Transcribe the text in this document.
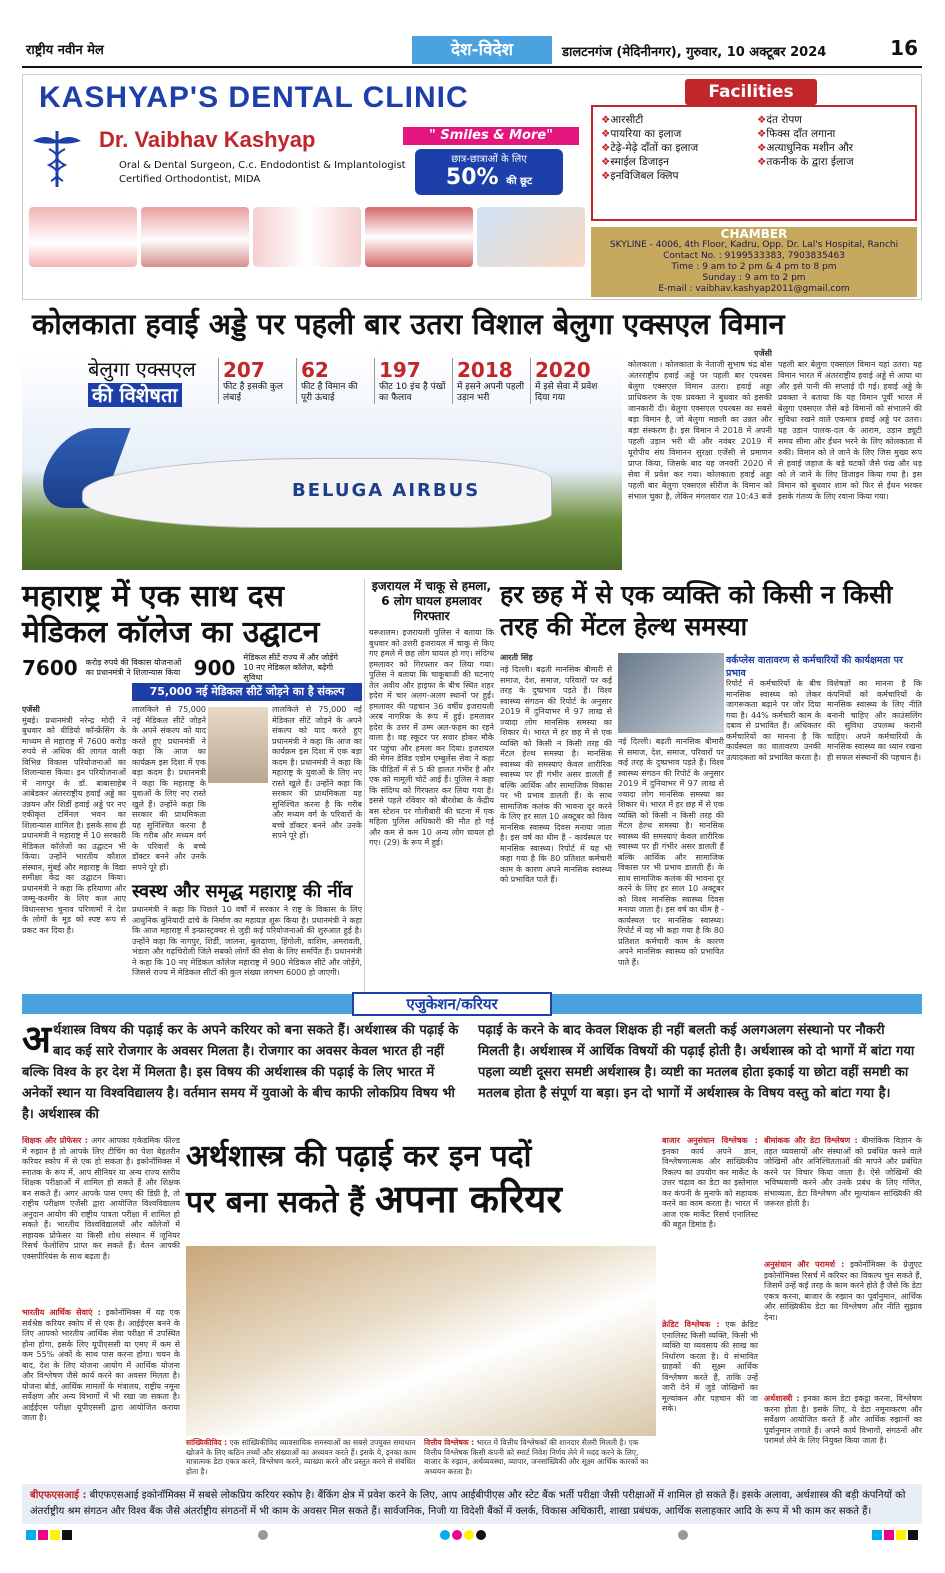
राष्ट्रीय नवीन मेल	देश-विदेश	डालटनगंज (मेदिनीनगर), गुरुवार, 10 अक्टूबर 2024	16
KASHYAP'S DENTAL CLINIC
Dr. Vaibhav Kashyap
Oral & Dental Surgeon, C.c. Endodontist & Implantologist Certified Orthodontist, MIDA
" Smiles & More"
छात्र-छात्राओं के लिए
50% की छूट
Facilities
❖ आरसीटी
❖ पायरिया का इलाज
❖ टेढ़े-मेढ़े दाँतों का इलाज
❖ स्माईल डिजाइन
❖ इनविजिबल क्लिप
❖ दंत रोपण
❖ फिक्स दाँत लगाना
❖ अत्याधुनिक मशीन और
❖ तकनीक के द्वारा ईलाज
CHAMBER
SKYLINE - 4006, 4th Floor, Kadru, Opp. Dr. Lal's Hospital, Ranchi
Contact No. : 9199533383, 7903835463
Time : 9 am to 2 pm & 4 pm to 8 pm
Sunday : 9 am to 2 pm
E-mail : vaibhav.kashyap2011@gmail.com
कोलकाता हवाई अड्डे पर पहली बार उतरा विशाल बेलुगा एक्सएल विमान
बेलुगा एक्सएल
की विशेषता
207
फीट है इसकी कुल लंबाई
62
फीट है विमान की पूरी ऊंचाई
197
फीट 10 इंच है पंखों का फैलाव
2018
में इसने अपनी पहली उड़ान भरी
2020
में इसे सेवा में प्रवेश दिया गया
BELUGA AIRBUS
एजेंसी
कोलकाता । कोलकाता के नेताजी सुभाष चंद्र बोस अंतरराष्ट्रीय हवाई अड्डे पर पहली बार एयरबस बेलुगा एक्सएल विमान उतरा। हवाई अड्डा प्राधिकरण के एक प्रवक्ता ने बुधवार को इसकी जानकारी दी। बेलुगा एक्सएल एयरबस का सबसे बड़ा विमान है, जो बेलुगा मछली का उन्नत और बड़ा संस्करण है। इस विमान ने 2018 में अपनी पहली उड़ान भरी थी और नवंबर 2019 में यूरोपीय संघ विमानन सुरक्षा एजेंसी से प्रमाणन प्राप्त किया, जिसके बाद यह जनवरी 2020 में सेवा में प्रवेश कर गया। कोलकाता हवाई अड्डा पहली बार बेलुगा एक्सएल सीरीज के विमान को संभाल चुका है, लेकिन मंगलवार रात 10:43 बजे पहली बार बेलुगा एक्सएल विमान यहां उतरा। यह विमान भारत में अंतरराष्ट्रीय हवाई अड्डे से आया था और इसे पानी की सप्लाई दी गई। हवाई अड्डे के प्रवक्ता ने बताया कि यह विमान पूर्वी भारत में बेलुगा एक्सएल जैसे बड़े विमानों को संभालने की सुविधा रखने वाले एकमात्र हवाई अड्डे पर उतरा। यह उड़ान पालक-दल के आराम, उड़ान ड्यूटी समय सीमा और ईंधन भरने के लिए कोलकाता में रुकी। विमान को ले जाने के लिए जिस मुख्य रूप से हवाई जहाज के बड़े घटकों जैसे पंख और धड़ को ले जाने के लिए डिजाइन किया गया है। इस विमान को बुधवार शाम को फिर से ईंधन भरकर इसके गंतव्य के लिए रवाना किया गया।
महाराष्ट्र में एक साथ दस मेडिकल कॉलेज का उद्घाटन
7600 करोड़ रुपये की विकास योजनाओं का प्रधानमंत्री ने शिलान्यास किया 900 मेडिकल सीटें राज्य में और जोड़ेंगे 10 नए मेडिकल कॉलेज, बढ़ेगी सुविधा
एजेंसी
मुंबई। प्रधानमंत्री नरेन्द्र मोदी ने बुधवार को वीडियो कॉन्फ्रेंसिंग के माध्यम से महाराष्ट्र में 7600 करोड़ रुपये से अधिक की लागत वाली विभिन्न विकास परियोजनाओं का शिलान्यास किया। इन परियोजनाओं में नागपुर के डॉ. बाबासाहेब आंबेडकर अंतरराष्ट्रीय हवाई अड्डे का उन्नयन और शिर्डी हवाई अड्डे पर नए एकीकृत टर्मिनल भवन का शिलान्यास शामिल है। इसके साथ ही प्रधानमंत्री ने महाराष्ट्र में 10 सरकारी मेडिकल कॉलेजों का उद्घाटन भी किया। उन्होंने भारतीय कौशल संस्थान, मुंबई और महाराष्ट्र के विद्या समीक्षा केंद्र का उद्घाटन किया। प्रधानमंत्री ने कहा कि हरियाणा और जम्मू-कश्मीर के लिए कल आए विधानसभा चुनाव परिणामों ने देश के लोगों के मूड को स्पष्ट रूप से प्रकट कर दिया है।
75,000 नई मेडिकल सीटें जोड़ने का है संकल्प
लालकिले से 75,000 नई मेडिकल सीटें जोड़ने के अपने संकल्प को याद करते हुए प्रधानमंत्री ने कहा कि आज का कार्यक्रम इस दिशा में एक बड़ा कदम है। प्रधानमंत्री ने कहा कि महाराष्ट्र के युवाओं के लिए नए रास्ते खुले हैं। उन्होंने कहा कि सरकार की प्राथमिकता यह सुनिश्चित करना है कि गरीब और मध्यम वर्ग के परिवारों के बच्चे डॉक्टर बनने और उनके सपने पूरे हों।
लालकिले से 75,000 नई मेडिकल सीटें जोड़ने के अपने संकल्प को याद करते हुए प्रधानमंत्री ने कहा कि आज का कार्यक्रम इस दिशा में एक बड़ा कदम है। प्रधानमंत्री ने कहा कि महाराष्ट्र के युवाओं के लिए नए रास्ते खुले हैं। उन्होंने कहा कि सरकार की प्राथमिकता यह सुनिश्चित करना है कि गरीब और मध्यम वर्ग के परिवारों के बच्चे डॉक्टर बनने और उनके सपने पूरे हों।
स्वस्थ और समृद्ध महाराष्ट्र की नींव
प्रधानमंत्री ने कहा कि पिछले 10 वर्षों में सरकार ने राष्ट्र के विकास के लिए आधुनिक बुनियादी ढांचे के निर्माण का महायज्ञ शुरू किया है। प्रधानमंत्री ने कहा कि आज महाराष्ट्र में इन्फ्रास्ट्रक्चर से जुड़ी कई परियोजनाओं की शुरुआत हुई है। उन्होंने कहा कि नागपुर, शिर्डी, जालना, बुलढाणा, हिंगोली, वाशिम, अमरावती, भंडारा और गढ़चिरोली जिले सबको लोगों की सेवा के लिए समर्पित हैं। प्रधानमंत्री ने कहा कि 10 नए मेडिकल कॉलेज महाराष्ट्र में 900 मेडिकल सीटें और जोड़ेंगे, जिससे राज्य में मेडिकल सीटों की कुल संख्या लगभग 6000 हो जाएगी।
इजरायल में चाकू से हमला, 6 लोग घायल हमलावर गिरफ्तार
यरूशलम। इजरायली पुलिस ने बताया कि बुधवार को उत्तरी इजरायल में चाकू से किए गए हमले में छह लोग घायल हो गए। संदिग्ध हमलावर को गिरफ्तार कर लिया गया। पुलिस ने बताया कि चाकूबाजी की घटनाएं तेल अवीव और हाइफा के बीच स्थित शहर हदेरा में चार अलग-अलग स्थानों पर हुईं। हमलावर की पहचान 36 वर्षीय इजरायली अरब नागरिक के रूप में हुई। हमलावर हदेरा के उत्तर में उम्म अल-फहम का रहने वाला है। वह स्कूटर पर सवार होकर मौके पर पहुंचा और हमला कर दिया। इजरायल की मेगन डेविड एडोम एम्बुलेंस सेवा ने कहा कि पीड़ितों में से 5 की हालत गंभीर है और एक को मामूली चोटें आई हैं। पुलिस ने कहा कि संदिग्ध को गिरफ्तार कर लिया गया है। इससे पहले रविवार को बीरशेबा के केंद्रीय बस स्टेशन पर गोलीबारी की घटना में एक महिला पुलिस अधिकारी की मौत हो गई और कम से कम 10 अन्य लोग घायल हो गए। (29) के रूप में हुई।
हर छह में से एक व्यक्ति को किसी न किसी तरह की मेंटल हेल्थ समस्या
आरती सिंह	वर्कप्लेस वातावरण से कर्मचारियों की कार्यक्षमता पर प्रभाव
नई दिल्ली। बढ़ती मानसिक बीमारी से समाज, देश, समाज, परिवारों पर कई तरह के दुष्प्रभाव पड़ते हैं। विश्व स्वास्थ्य संगठन की रिपोर्ट के अनुसार 2019 में दुनियाभर में 97 लाख से ज्यादा लोग मानसिक समस्या का शिकार थे। भारत में हर छह में से एक व्यक्ति को किसी न किसी तरह की मेंटल हेल्थ समस्या है। मानसिक स्वास्थ्य की समस्याएं केवल शारीरिक स्वास्थ्य पर ही गंभीर असर डालती हैं बल्कि आर्थिक और सामाजिक विकास पर भी प्रभाव डालती हैं। के साथ सामाजिक कलंक की भावना दूर करने के लिए हर साल 10 अक्टूबर को विश्व मानसिक स्वास्थ्य दिवस मनाया जाता है। इस वर्ष का थीम है - कार्यस्थल पर मानसिक स्वास्थ्य। रिपोर्ट में यह भी कहा गया है कि 80 प्रतिशत कर्मचारी काम के कारण अपने मानसिक स्वास्थ्य को प्रभावित पाते हैं।
नई दिल्ली। बढ़ती मानसिक बीमारी से समाज, देश, समाज, परिवारों पर कई तरह के दुष्प्रभाव पड़ते हैं। विश्व स्वास्थ्य संगठन की रिपोर्ट के अनुसार 2019 में दुनियाभर में 97 लाख से ज्यादा लोग मानसिक समस्या का शिकार थे। भारत में हर छह में से एक व्यक्ति को किसी न किसी तरह की मेंटल हेल्थ समस्या है। मानसिक स्वास्थ्य की समस्याएं केवल शारीरिक स्वास्थ्य पर ही गंभीर असर डालती हैं बल्कि आर्थिक और सामाजिक विकास पर भी प्रभाव डालती हैं। के साथ सामाजिक कलंक की भावना दूर करने के लिए हर साल 10 अक्टूबर को विश्व मानसिक स्वास्थ्य दिवस मनाया जाता है। इस वर्ष का थीम है - कार्यस्थल पर मानसिक स्वास्थ्य। रिपोर्ट में यह भी कहा गया है कि 80 प्रतिशत कर्मचारी काम के कारण अपने मानसिक स्वास्थ्य को प्रभावित पाते हैं।
रिपोर्ट में कर्मचारियों के बीच मानसिक स्वास्थ्य को लेकर जागरूकता बढ़ाने पर जोर दिया गया है। 44% कर्मचारी काम के दबाव से प्रभावित हैं। अधिकतर कर्मचारियों का मानना है कि कार्यस्थल का वातावरण उनकी उत्पादकता को प्रभावित करता है। विशेषज्ञों का मानना है कि कंपनियों को कर्मचारियों के मानसिक स्वास्थ्य के लिए नीति बनानी चाहिए और काउंसलिंग की सुविधा उपलब्ध करानी चाहिए। अपने कर्मचारियों के मानसिक स्वास्थ्य का ध्यान रखना ही सफल संस्थानों की पहचान है।
एजुकेशन/करियर
अ र्थशास्त्र विषय की पढ़ाई कर के अपने करियर को बना सकते हैं। अर्थशास्त्र की पढ़ाई के बाद कई सारे रोजगार के अवसर मिलता है। रोजगार का अवसर केवल भारत ही नहीं बल्कि विश्व के हर देश में मिलता है। इस विषय की अर्थशास्त्र की पढ़ाई के लिए भारत में अनेकों स्थान या विश्वविद्यालय है। वर्तमान समय में युवाओ के बीच काफी लोकप्रिय विषय भी है। अर्थशास्त्र की
पढ़ाई के करने के बाद केवल शिक्षक ही नहीं बलती कई अलगअलग संस्थानो पर नौकरी मिलती है। अर्थशास्त्र में आर्थिक विषयों की पढ़ाईं होती है। अर्थशास्त्र को दो भागों में बांटा गया पहला व्यष्टी दूसरा समष्टी अर्थशास्त्र है। व्यष्टी का मतलब होता इकाई या छोटा वहीं समष्टी का मतलब होता है संपूर्ण या बड़ा। इन दो भागों में अर्थशास्त्र के विषय वस्तु को बांटा गया है।
शिक्षक और प्रोफेसर : अगर आपका एकेडमिक फील्ड में रुझान है तो आपके लिए टीचिंग का पेशा बेहतरीन करियर स्कोप में से एक हो सकता है। इकोनॉमिक्स में स्नातक के रूप में, आप सीनियर या अन्य राज्य स्तरीय शिक्षक परीक्षाओं में शामिल हो सकते हैं और शिक्षक बन सकते हैं। अगर आपके पास एमए की डिग्री है, तो राष्ट्रीय परीक्षण एजेंसी द्वारा आयोजित विश्वविद्यालय अनुदान आयोग की राष्ट्रीय पात्रता परीक्षा में शामिल हो सकते हैं। भारतीय विश्वविद्यालयों और कॉलेजों में सहायक प्रोफेसर या किसी शोध संस्थान में जूनियर रिसर्च फेलोशिप प्राप्त कर सकते हैं। वेतन आपकी एक्सपीरियंस के साथ बढ़ता है।
भारतीय आर्थिक सेवाएं : इकोनॉमिक्स में यह एक सर्वश्रेष्ठ करियर स्कोप में से एक है। आईईएस बनने के लिए आपको भारतीय आर्थिक सेवा परीक्षा में उपस्थित होना होगा, इसके लिए यूपीएससी या एमए में कम से कम 55% अंकों के साथ पास करना होगा। चयन के बाद, देश के लिए योजना आयोग में आर्थिक योजना और विश्लेषण जैसे कार्य करने का अवसर मिलता है। योजना बोर्ड, आर्थिक मामलों के मंत्रालय, राष्ट्रीय नमूना सर्वेक्षण और अन्य विभागों में भी रखा जा सकता है। आईईएस परीक्षा यूपीएससी द्वारा आयोजित कराया जाता है।
अर्थशास्त्र की पढ़ाई कर इन पदों
पर बना सकते हैं अपना करियर
सांख्यिकीविद : एक सांख्यिकीविद व्यावसायिक समस्याओं का सबसे उपयुक्त समाधान खोजने के लिए कठिन तथ्यों और संख्याओं का अध्ययन करते हैं। इसके ये, इनका काम मात्रात्मक डेटा एकत्र करने, विश्लेषण करने, व्याख्या करने और प्रस्तुत करने से संबंधित होता है।
वित्तीय विश्लेषक : भारत में वित्तीय विश्लेषकों की शानदार सैलरी मिलती है। एक वित्तीय विश्लेषक किसी कंपनी को स्मार्ट निवेश निर्णय लेने में मदद करने के लिए, बाजार के रुझान, अर्थव्यवस्था, व्यापार, जनसांख्यिकी और सूक्ष्म आर्थिक कारकों का अध्ययन करता है।
बाजार अनुसंधान विश्लेषक : इनका कार्य अपने ज्ञान, विश्लेषणात्मक और सांख्यिकीय रिकल्प का उपयोग कर मार्केट के उत्तर चढ़ाव का डेटा का इस्तेमाल कर कंपनी के मुनाफे को सहायक करने का काम करता है। भारत में आज एक मार्केट रिसर्च एनालिस्ट की बहुत डिमांड है।
क्रेडिट विश्लेषक : एक क्रेडिट एनालिस्ट किसी व्यक्ति, किसी भी व्यक्ति या व्यवसाय की साख का निर्धारण करता है। ये संभावित ग्राहकों की सूक्ष्म आर्थिक विश्लेषण करते हैं, ताकि उन्हें जारी देने में जुड़े जोखिमों का मूल्यांकन और पहचान की जा सके।
बीमांकक और डेटा विश्लेषण : बीमांकिक विज्ञान के तहत व्यवसायों और संस्थाओं को प्रबंधित करने वाले जोखिमों और अनिश्चितताओं की मापने और प्रबंधित करने पर विचार किया जाता है। ऐसे जोखिमों की भविष्यवाणी करने और उनके प्रबंध के लिए गणित, संभाव्यता, डेटा विश्लेषण और मूल्यांकन सांख्यिकी की जरूरत होती है।
अनुसंधान और परामर्श : इकोनॉमिक्स के ग्रेजुएट इकोनॉमिक्स रिसर्च में करियर का विकल्प चुन सकते हैं, जिसमें उन्हें कई तरह के काम करने होते हैं जैसे कि डेटा एकत्र करना, बाजार के रुझान का पूर्वानुमान, आर्थिक और सांख्यिकीय डेटा का विश्लेषण और नीति सुझाव देना।
अर्थशास्त्री : इनका काम डेटा इकट्ठा करना, विश्लेषण करना होता है। इसके लिए, ये डेटा नमूनाकरण और सर्वेक्षण आयोजित करते हैं और आर्थिक रुझानों का पूर्वानुमान लगाते हैं। अपने कार्य विभागों, संगठनों और परामर्श लेने के लिए नियुक्त किया जाता है।
बीएफएसआई : बीएफएसआई इकोनॉमिक्स में सबसे लोकप्रिय करियर स्कोप है। बैंकिंग क्षेत्र में प्रवेश करने के लिए, आप आईबीपीएस और स्टेट बैंक भर्ती परीक्षा जैसी परीक्षाओं में शामिल हो सकते हैं। इसके अलावा, अर्थशास्त्र की बड़ी कंपनियों को अंतर्राष्ट्रीय श्रम संगठन और विश्व बैंक जैसे अंतर्राष्ट्रीय संगठनों में भी काम के अवसर मिल सकते हैं। सार्वजनिक, निजी या विदेशी बैंकों में क्लर्क, विकास अधिकारी, शाखा प्रबंधक, आर्थिक सलाहकार आदि के रूप में भी काम कर सकते हैं।
